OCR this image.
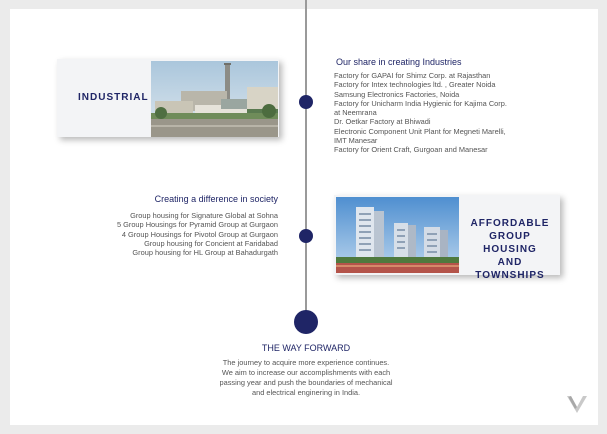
INDUSTRIAL
Our share in creating Industries
Factory for GAPAI for Shimz Corp. at Rajasthan
Factory for Intex technologies ltd. , Greater Noida
Samsung Electronics Factories, Noida
Factory for Unicharm India Hygienic for Kajima Corp.
at Neemrana
Dr. Oetkar Factory at Bhiwadi
Electronic Component Unit Plant for Megneti Marelli,
IMT Manesar
Factory for Orient Craft, Gurgoan and Manesar
Creating a difference in society
Group housing for Signature Global at Sohna
5 Group Housings for Pyramid Group at Gurgaon
4 Group Housings for Pivotol Group at Gurgaon
Group housing for Concient at Faridabad
Group housing for HL Group at Bahadurgath
AFFORDABLE
GROUP HOUSING
AND TOWNSHIPS
THE WAY FORWARD
The journey to acquire more experience continues.
We aim to increase our accomplishments with each
passing year and push the boundaries of mechanical
and electrical enginering in India.
